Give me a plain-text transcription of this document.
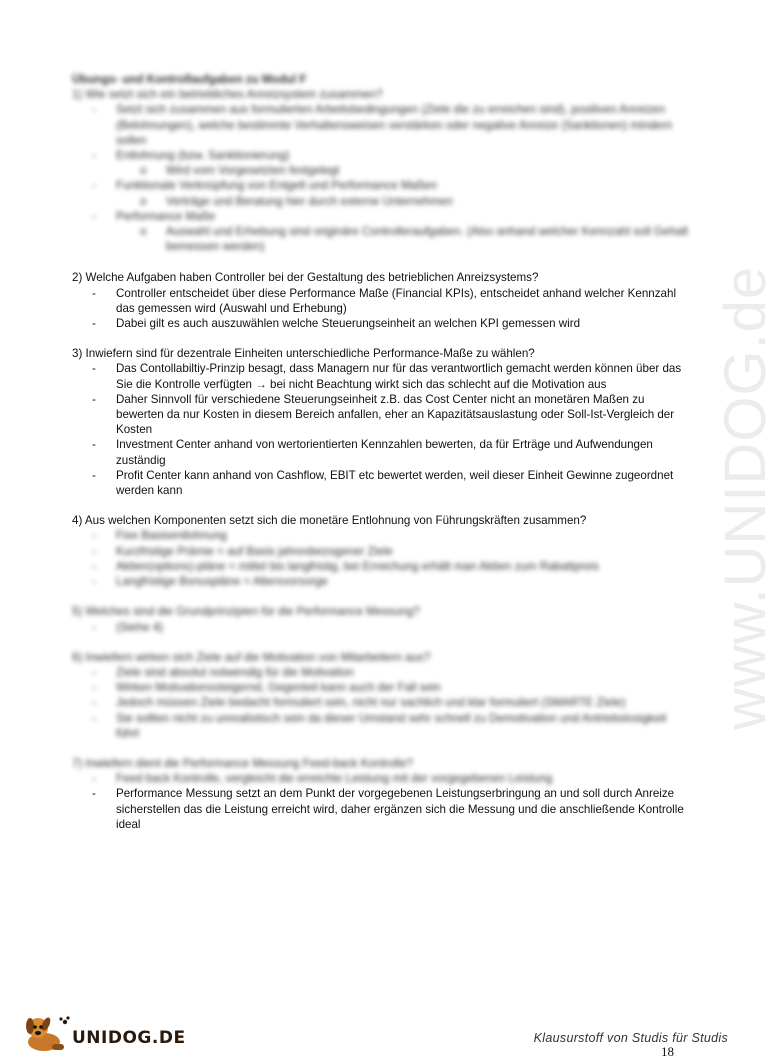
www.UNIDOG.de

Übungs- und Kontrollaufgaben zu Modul F

1) Wie setzt sich ein betriebliches Anreizsystem zusammen?

- Setzt sich zusammen aus formulierten Arbeitsbedingungen (Ziele die zu erreichen sind), positiven Anreizen (Belohnungen), welche bestimmte Verhaltensweisen verstärken oder negative Anreize (Sanktionen) mindern sollen
- Entlohnung (bzw. Sanktionierung)
o Wird vom Vorgesetzten festgelegt
- Funktionale Verknüpfung von Entgelt und Performance Maßen
o Verträge und Beratung hier durch externe Unternehmen
- Performance Maße
o Auswahl und Erhebung sind originäre Controlleraufgaben. (Also anhand welcher Kennzahl soll Gehalt bemessen werden)

2) Welche Aufgaben haben Controller bei der Gestaltung des betrieblichen Anreizsystems?

- Controller entscheidet über diese Performance Maße (Financial KPIs), entscheidet anhand welcher Kennzahl das gemessen wird (Auswahl und Erhebung)
- Dabei gilt es auch auszuwählen welche Steuerungseinheit an welchen KPI gemessen wird

3) Inwiefern sind für dezentrale Einheiten unterschiedliche Performance-Maße zu wählen?

- Das Contollabiltiy-Prinzip besagt, dass Managern nur für das verantwortlich gemacht werden können über das Sie die Kontrolle verfügten → bei nicht Beachtung wirkt sich das schlecht auf die Motivation aus
- Daher Sinnvoll für verschiedene Steuerungseinheit z.B. das Cost Center nicht an monetären Maßen zu bewerten da nur Kosten in diesem Bereich anfallen, eher an Kapazitätsauslastung oder Soll-Ist-Vergleich der Kosten
- Investment Center anhand von wertorientierten Kennzahlen bewerten, da für Erträge und Aufwendungen zuständig
- Profit Center kann anhand von Cashflow, EBIT etc bewertet werden, weil dieser Einheit Gewinne zugeordnet werden kann

4) Aus welchen Komponenten setzt sich die monetäre Entlohnung von Führungskräften zusammen?

- Fixe Basisentlohnung
- Kurzfristige Prämie = auf Basis jahresbezogener Ziele
- Aktien(options)-pläne = mittel bis langfristig, bei Erreichung erhält man Aktien zum Rabattpreis
- Langfristige Bonuspläne = Altersvorsorge

5) Welches sind die Grundprinzipien für die Performance Messung?

- (Siehe 4)

6) Inwiefern wirken sich Ziele auf die Motivation von Mitarbeitern aus?

- Ziele sind absolut notwendig für die Motivation
- Wirken Motivationssteigernd, Gegenteil kann auch der Fall sein
- Jedoch müssen Ziele bedacht formuliert sein, nicht nur sachlich und klar formuliert (SMARTE Ziele)
- Sie sollten nicht zu unrealistisch sein da dieser Umstand sehr schnell zu Demotivation und Antriebslosigkeit führt

7) Inwiefern dient die Performance Messung Feed-back Kontrolle?

- Feed back Kontrolle, vergleicht die erreichte Leistung mit der vorgegebenen Leistung
- Performance Messung setzt an dem Punkt der vorgegebenen Leistungserbringung an und soll durch Anreize sicherstellen das die Leistung erreicht wird, daher ergänzen sich die Messung und die anschließende Kontrolle ideal
UNIDOG.DE	Klausurstoff von Studis für Studis
18
